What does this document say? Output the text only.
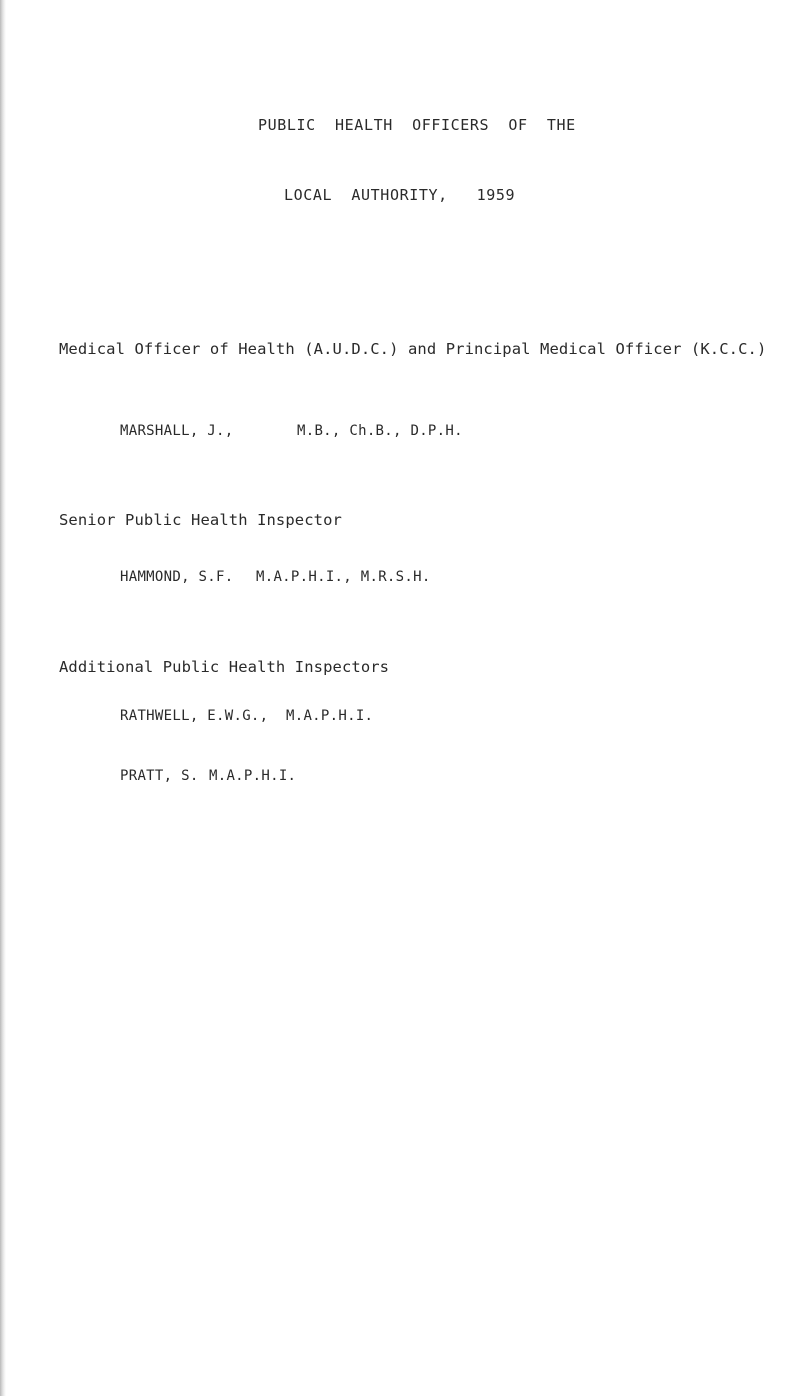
PUBLIC  HEALTH  OFFICERS  OF  THE
LOCAL  AUTHORITY,   1959
Medical Officer of Health (A.U.D.C.) and Principal Medical Officer (K.C.C.)
MARSHALL, J.,	M.B., Ch.B., D.P.H.
Senior Public Health Inspector
HAMMOND, S.F. M.A.P.H.I., M.R.S.H.
Additional Public Health Inspectors
RATHWELL, E.W.G., M.A.P.H.I.
PRATT, S. M.A.P.H.I.
